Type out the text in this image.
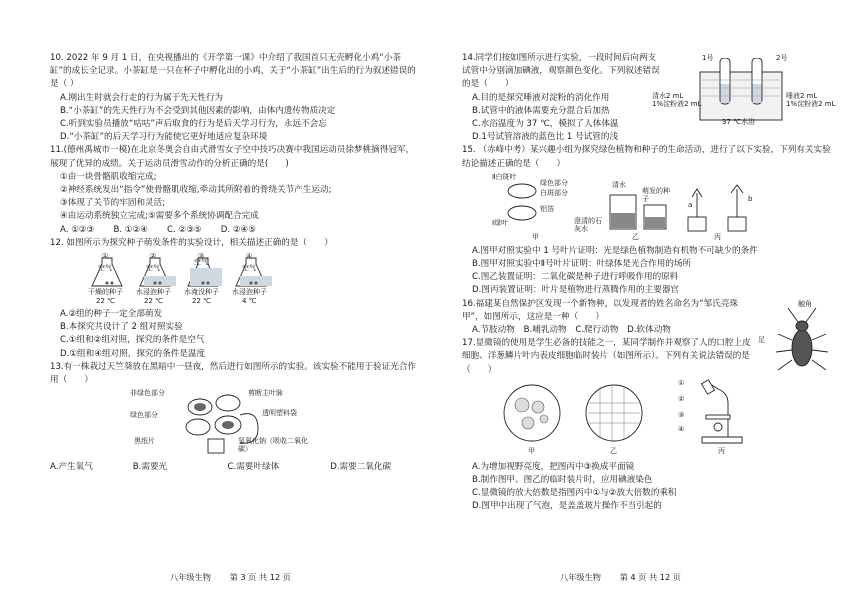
10. 2022 年 9 月 1 日，在央视播出的《开学第一课》中介绍了我国首只无壳孵化小鸡“小茶缸”的成长全记录。小茶缸是一只在杯子中孵化出的小鸡，关于“小茶缸”出生后的行为叙述错误的是（ ）

A.刚出生时就会行走的行为属于先天性行为

B.“小茶缸”的先天性行为不会受到其他因素的影响，由体内遗传物质决定

C.听到实验员播放“咕咕”声后取食的行为是后天学习行为，永远不会忘

D.“小茶缸”的后天学习行为能使它更好地适应复杂环境

11.(德州禹城市一模)在北京冬奥会自由式滑雪女子空中技巧决赛中我国运动员徐梦桃摘得冠军，展现了优异的成绩。关于运动员滑雪动作的分析正确的是(　　)

①由一块骨骼肌收缩完成;

②神经系统发出“指令”使骨骼肌收缩,牵动其所附着的骨绕关节产生运动;

③体现了关节的牢固和灵活;

④由运动系统独立完成;⑤需要多个系统协调配合完成

A. ①②③ B. ①②④ C. ②③⑤ D. ②④⑤

12. 如图所示为探究种子萌发条件的实验设计，相关描述正确的是（　　）

空气	空气
空气
空气
①	②	③	④
干燥的种子 水浸泡种子 水淹没种子 水浸泡种子
22 ℃	22 ℃	22 ℃	4 ℃

A.②组的种子一定全部萌发

B.本探究共设计了 2 组对照实验

C.①组和②组对照，探究的条件是空气

D.①组和④组对照，探究的条件是温度

13.有一株栽过天竺葵放在黑暗中一昼夜，然后进行如图所示的实验。该实验不能用于验证光合作用（　　）

非绿色部分	剪断主叶脉
绿色部分	透明塑料袋
黑纸片	氢氧化钠（吸收二氧化碳）

A.产生氧气	B.需要光	C.需要叶绿体	D.需要二氧化碳

八年级生物 第 3 页 共 12 页

14.同学们按如图所示进行实验，一段时间后向两支试管中分别滴加碘液，观察颜色变化。下列叙述错误的是（　　）

1号	2号
清水2 mL
1%淀粉液2 mL
唾液2 mL
1%淀粉液2 mL
37 ℃水浴

A.目的是探究唾液对淀粉的消化作用

B.试管中的液体需要充分混合后加热

C.水浴温度为 37 ℃，模拟了人体体温

D.1号试管溶液的蓝色比 1 号试管的浅

15. （赤峰中考）某兴趣小组为探究绿色植物和种子的生命活动，进行了以下实验，下列有关实验结论描述正确的是（　　）

Ⅱ白斑叶
绿色部分
Ⅰ绿叶
白斑部分
铝箔
澄清的石灰水
萌发的种子
清水
甲	乙	丙
a
b

A.图甲对照实验中 1 号叶片证明：光是绿色植物制造有机物不可缺少的条件

B.图甲对照实验中Ⅱ号叶片证明：叶绿体是光合作用的场所

C.图乙装置证明：二氧化碳是种子进行呼吸作用的原料

D.图丙装置证明：叶片是植物进行蒸腾作用的主要器官

16.福建某自然保护区发现一个新物种，以发现者的姓名命名为“邹氏亮珠甲”，如图所示，这应是一种（　　）

A.节肢动物 B.哺乳动物 C.爬行动物 D.软体动物

触角
足

17.显微镜的使用是学生必备的技能之一，某同学制作并观察了人的口腔上皮细胞、洋葱鳞片叶内表皮细胞临时装片（如图所示）。下列有关说法错误的是（　　）

①
②
③
④
甲	乙	丙

A.为增加视野亮度，把图丙中③换成平面镜

B.制作图甲、图乙的临时装片时，应用碘液染色

C.显微镜的放大倍数是指图丙中①与②放大倍数的乘积

D.图甲中出现了气泡，是盖盖玻片操作不当引起的

八年级生物 第 4 页 共 12 页
